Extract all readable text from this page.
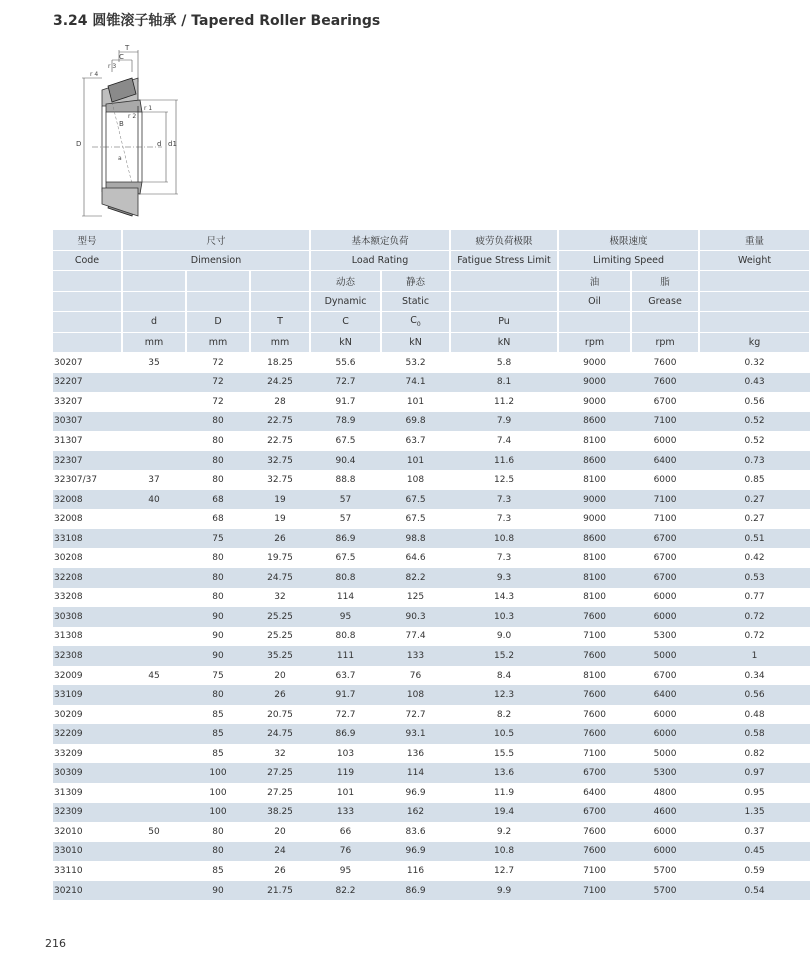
3.24 圆锥滚子轴承 / Tapered Roller Bearings
T
C
r 3
r 4
r 1
r 2
B
D	d d1
a
型号	尺寸			基本额定负荷		疲劳负荷极限	极限速度		重量
Code	Dimension			Load Rating		Fatigue Stress Limit	Limiting Speed		Weight
				动态	静态		油	脂	
				Dynamic	Static		Oil	Grease	
	d	D	T	C	$C_0$	Pu			
	mm	mm	mm	kN	kN	kN	rpm	rpm	kg
30207	35	72	18.25	55.6	53.2	5.8	9000	7600	0.32
32207		72	24.25	72.7	74.1	8.1	9000	7600	0.43
33207		72	28	91.7	101	11.2	9000	6700	0.56
30307		80	22.75	78.9	69.8	7.9	8600	7100	0.52
31307		80	22.75	67.5	63.7	7.4	8100	6000	0.52
32307		80	32.75	90.4	101	11.6	8600	6400	0.73
32307/37	37	80	32.75	88.8	108	12.5	8100	6000	0.85
32008	40	68	19	57	67.5	7.3	9000	7100	0.27
32008		68	19	57	67.5	7.3	9000	7100	0.27
33108		75	26	86.9	98.8	10.8	8600	6700	0.51
30208		80	19.75	67.5	64.6	7.3	8100	6700	0.42
32208		80	24.75	80.8	82.2	9.3	8100	6700	0.53
33208		80	32	114	125	14.3	8100	6000	0.77
30308		90	25.25	95	90.3	10.3	7600	6000	0.72
31308		90	25.25	80.8	77.4	9.0	7100	5300	0.72
32308		90	35.25	111	133	15.2	7600	5000	1
32009	45	75	20	63.7	76	8.4	8100	6700	0.34
33109		80	26	91.7	108	12.3	7600	6400	0.56
30209		85	20.75	72.7	72.7	8.2	7600	6000	0.48
32209		85	24.75	86.9	93.1	10.5	7600	6000	0.58
33209		85	32	103	136	15.5	7100	5000	0.82
30309		100	27.25	119	114	13.6	6700	5300	0.97
31309		100	27.25	101	96.9	11.9	6400	4800	0.95
32309		100	38.25	133	162	19.4	6700	4600	1.35
32010	50	80	20	66	83.6	9.2	7600	6000	0.37
33010		80	24	76	96.9	10.8	7600	6000	0.45
33110		85	26	95	116	12.7	7100	5700	0.59
30210		90	21.75	82.2	86.9	9.9	7100	5700	0.54
216
